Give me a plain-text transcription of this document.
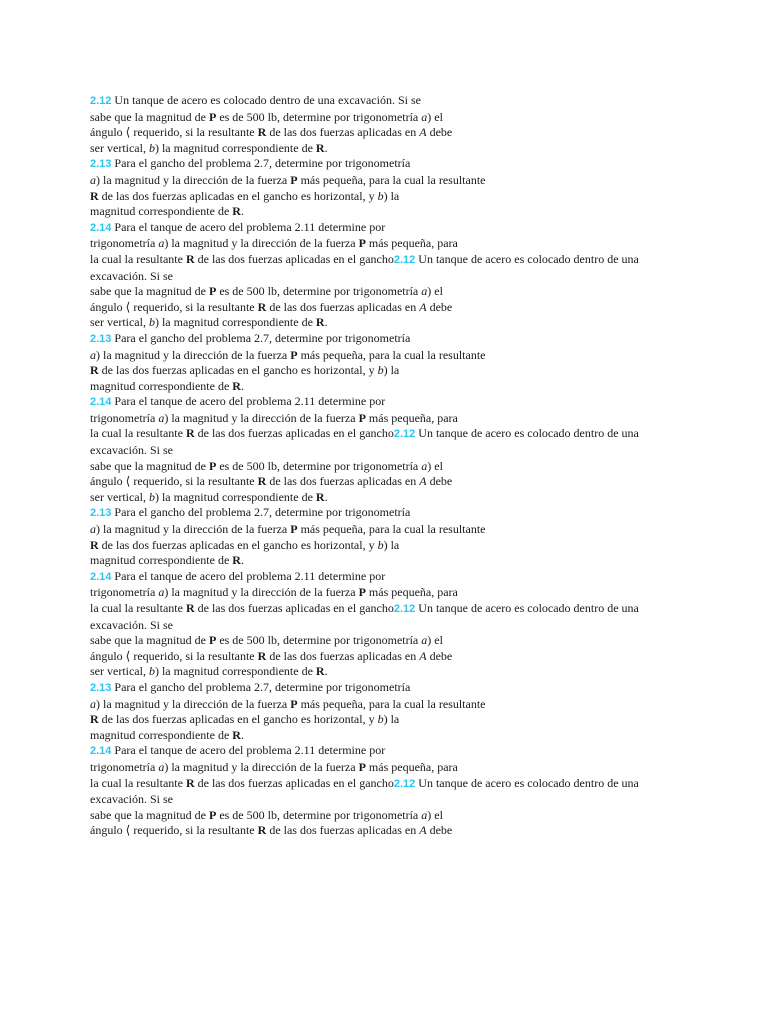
2.12 Un tanque de acero es colocado dentro de una excavación. Si se
sabe que la magnitud de P es de 500 lb, determine por trigonometría a) el
ángulo ⟨ requerido, si la resultante R de las dos fuerzas aplicadas en A debe
ser vertical, b) la magnitud correspondiente de R.
2.13 Para el gancho del problema 2.7, determine por trigonometría
a) la magnitud y la dirección de la fuerza P más pequeña, para la cual la resultante
R de las dos fuerzas aplicadas en el gancho es horizontal, y b) la
magnitud correspondiente de R.
2.14 Para el tanque de acero del problema 2.11 determine por
trigonometría a) la magnitud y la dirección de la fuerza P más pequeña, para
la cual la resultante R de las dos fuerzas aplicadas en el gancho2.12 Un tanque de acero es colocado dentro de una
excavación. Si se
sabe que la magnitud de P es de 500 lb, determine por trigonometría a) el
ángulo ⟨ requerido, si la resultante R de las dos fuerzas aplicadas en A debe
ser vertical, b) la magnitud correspondiente de R.
2.13 Para el gancho del problema 2.7, determine por trigonometría
a) la magnitud y la dirección de la fuerza P más pequeña, para la cual la resultante
R de las dos fuerzas aplicadas en el gancho es horizontal, y b) la
magnitud correspondiente de R.
2.14 Para el tanque de acero del problema 2.11 determine por
trigonometría a) la magnitud y la dirección de la fuerza P más pequeña, para
la cual la resultante R de las dos fuerzas aplicadas en el gancho2.12 Un tanque de acero es colocado dentro de una
excavación. Si se
sabe que la magnitud de P es de 500 lb, determine por trigonometría a) el
ángulo ⟨ requerido, si la resultante R de las dos fuerzas aplicadas en A debe
ser vertical, b) la magnitud correspondiente de R.
2.13 Para el gancho del problema 2.7, determine por trigonometría
a) la magnitud y la dirección de la fuerza P más pequeña, para la cual la resultante
R de las dos fuerzas aplicadas en el gancho es horizontal, y b) la
magnitud correspondiente de R.
2.14 Para el tanque de acero del problema 2.11 determine por
trigonometría a) la magnitud y la dirección de la fuerza P más pequeña, para
la cual la resultante R de las dos fuerzas aplicadas en el gancho2.12 Un tanque de acero es colocado dentro de una
excavación. Si se
sabe que la magnitud de P es de 500 lb, determine por trigonometría a) el
ángulo ⟨ requerido, si la resultante R de las dos fuerzas aplicadas en A debe
ser vertical, b) la magnitud correspondiente de R.
2.13 Para el gancho del problema 2.7, determine por trigonometría
a) la magnitud y la dirección de la fuerza P más pequeña, para la cual la resultante
R de las dos fuerzas aplicadas en el gancho es horizontal, y b) la
magnitud correspondiente de R.
2.14 Para el tanque de acero del problema 2.11 determine por
trigonometría a) la magnitud y la dirección de la fuerza P más pequeña, para
la cual la resultante R de las dos fuerzas aplicadas en el gancho2.12 Un tanque de acero es colocado dentro de una
excavación. Si se
sabe que la magnitud de P es de 500 lb, determine por trigonometría a) el
ángulo ⟨ requerido, si la resultante R de las dos fuerzas aplicadas en A debe
